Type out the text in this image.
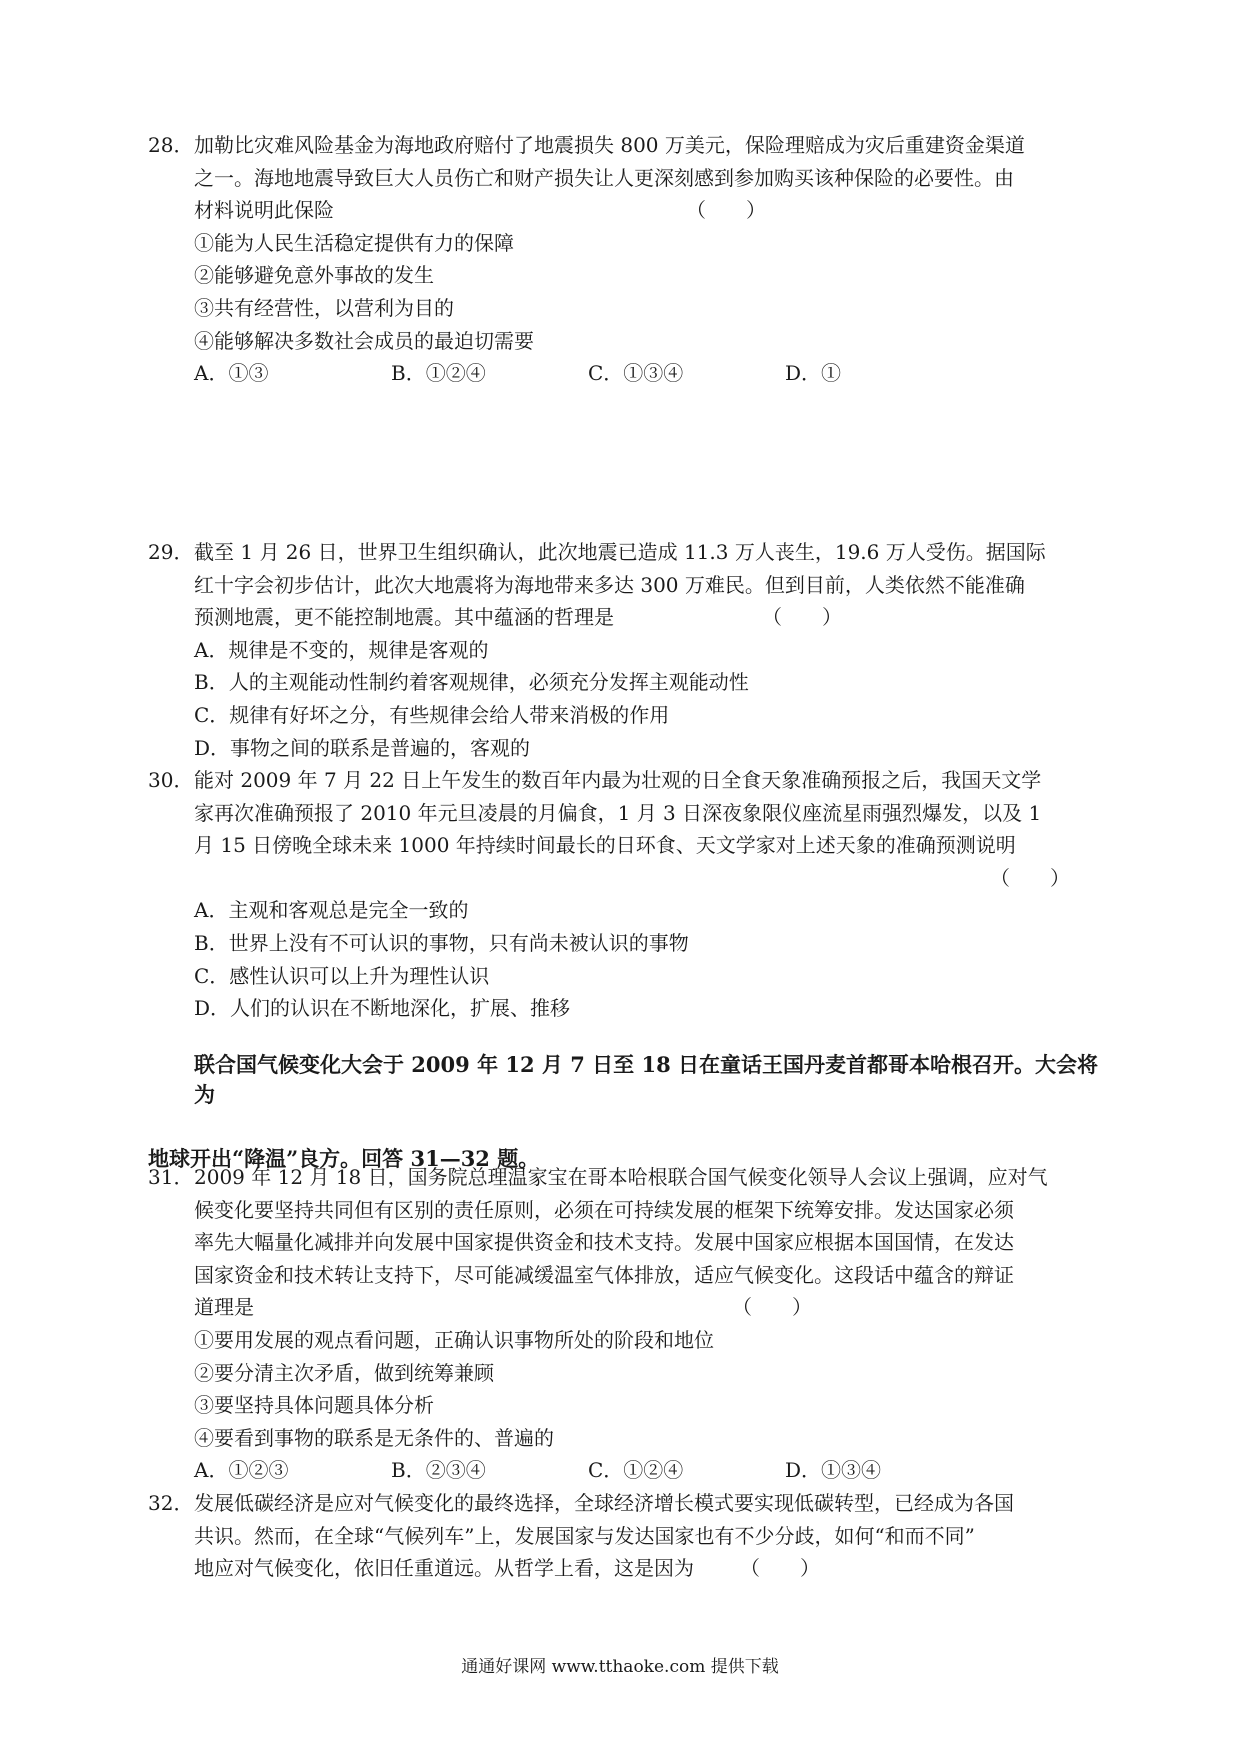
28．加勒比灾难风险基金为海地政府赔付了地震损失 800 万美元，保险理赔成为灾后重建资金渠道
之一。海地地震导致巨大人员伤亡和财产损失让人更深刻感到参加购买该种保险的必要性。由
材料说明此保险	（　　）
①能为人民生活稳定提供有力的保障
②能够避免意外事故的发生
③共有经营性，以营利为目的
④能够解决多数社会成员的最迫切需要
A．①③	B．①②④	C．①③④	D．①
29．截至 1 月 26 日，世界卫生组织确认，此次地震已造成 11.3 万人丧生，19.6 万人受伤。据国际
红十字会初步估计，此次大地震将为海地带来多达 300 万难民。但到目前，人类依然不能准确
预测地震，更不能控制地震。其中蕴涵的哲理是	（　　）
A．规律是不变的，规律是客观的
B．人的主观能动性制约着客观规律，必须充分发挥主观能动性
C．规律有好坏之分，有些规律会给人带来消极的作用
D．事物之间的联系是普遍的，客观的
30．能对 2009 年 7 月 22 日上午发生的数百年内最为壮观的日全食天象准确预报之后，我国天文学
家再次准确预报了 2010 年元旦凌晨的月偏食，1 月 3 日深夜象限仪座流星雨强烈爆发，以及 1
月 15 日傍晚全球未来 1000 年持续时间最长的日环食、天文学家对上述天象的准确预测说明
（　　）
A．主观和客观总是完全一致的
B．世界上没有不可认识的事物，只有尚未被认识的事物
C．感性认识可以上升为理性认识
D．人们的认识在不断地深化，扩展、推移
联合国气候变化大会于 2009 年 12 月 7 日至 18 日在童话王国丹麦首都哥本哈根召开。大会将为
地球开出“降温”良方。回答 31—32 题。
31．2009 年 12 月 18 日，国务院总理温家宝在哥本哈根联合国气候变化领导人会议上强调，应对气
候变化要坚持共同但有区别的责任原则，必须在可持续发展的框架下统筹安排。发达国家必须
率先大幅量化减排并向发展中国家提供资金和技术支持。发展中国家应根据本国国情，在发达
国家资金和技术转让支持下，尽可能减缓温室气体排放，适应气候变化。这段话中蕴含的辩证
道理是	（　　）
①要用发展的观点看问题，正确认识事物所处的阶段和地位
②要分清主次矛盾，做到统筹兼顾
③要坚持具体问题具体分析
④要看到事物的联系是无条件的、普遍的
A．①②③	B．②③④	C．①②④	D．①③④
32．发展低碳经济是应对气候变化的最终选择，全球经济增长模式要实现低碳转型，已经成为各国
共识。然而，在全球“气候列车”上，发展国家与发达国家也有不少分歧，如何“和而不同”
地应对气候变化，依旧任重道远。从哲学上看，这是因为 （　　）
通通好课网 www.tthaoke.com 提供下载
